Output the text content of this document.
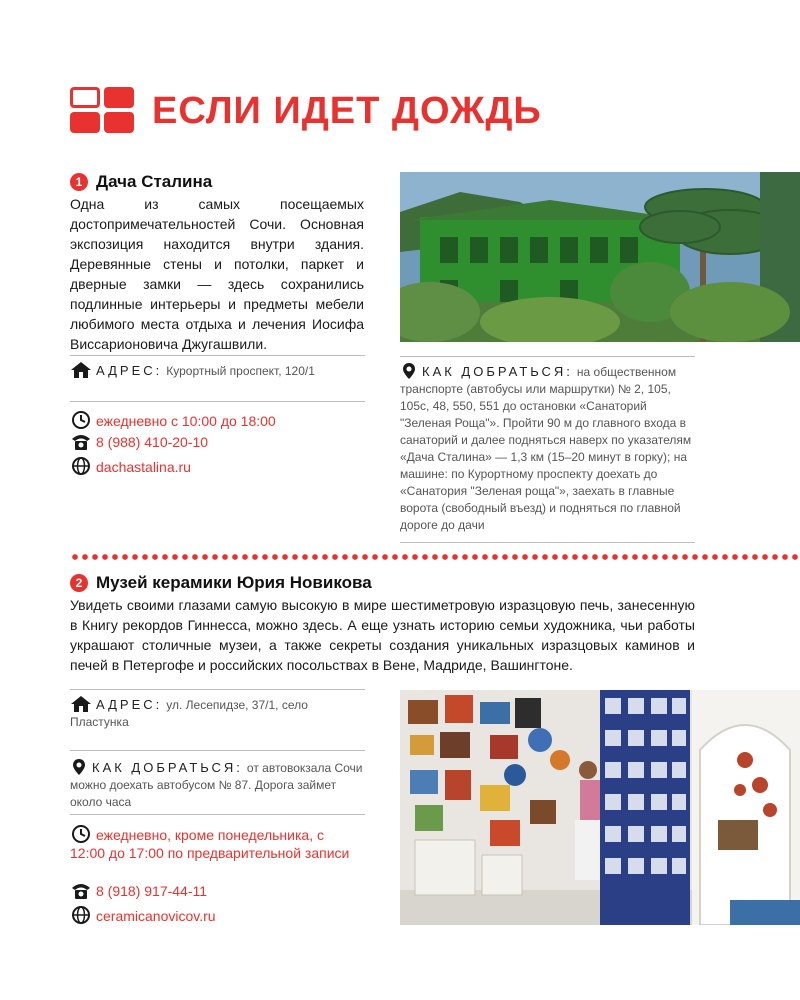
ЕСЛИ ИДЕТ ДОЖДЬ
1 Дача Сталина
Одна из самых посещаемых достопримечательностей Сочи. Основная экспозиция находится внутри здания. Деревянные стены и потолки, паркет и дверные замки — здесь сохранились подлинные интерьеры и предметы мебели любимого места отдыха и лечения Иосифа Виссарионовича Джугашвили.
АДРЕС: Курортный проспект, 120/1
ежедневно с 10:00 до 18:00
8 (988) 410-20-10
dachastalina.ru
КАК ДОБРАТЬСЯ: на общественном транспорте (автобусы или маршрутки) № 2, 105, 105с, 48, 550, 551 до остановки «Санаторий "Зеленая Роща"». Пройти 90 м до главного входа в санаторий и далее подняться наверх по указателям «Дача Сталина» — 1,3 км (15–20 минут в горку); на машине: по Курортному проспекту доехать до «Санатория "Зеленая роща"», заехать в главные ворота (свободный въезд) и подняться по главной дороге до дачи
2 Музей керамики Юрия Новикова
Увидеть своими глазами самую высокую в мире шестиметровую изразцовую печь, занесенную в Книгу рекордов Гиннесса, можно здесь. А еще узнать историю семьи художника, чьи работы украшают столичные музеи, а также секреты создания уникальных изразцовых каминов и печей в Петергофе и российских посольствах в Вене, Мадриде, Вашингтоне.
АДРЕС: ул. Лесепидзе, 37/1, село Пластунка
КАК ДОБРАТЬСЯ: от автовокзала Сочи можно доехать автобусом № 87. Дорога займет около часа
ежедневно, кроме понедельника, с 12:00 до 17:00 по предварительной записи
8 (918) 917-44-11
ceramicanovicov.ru
